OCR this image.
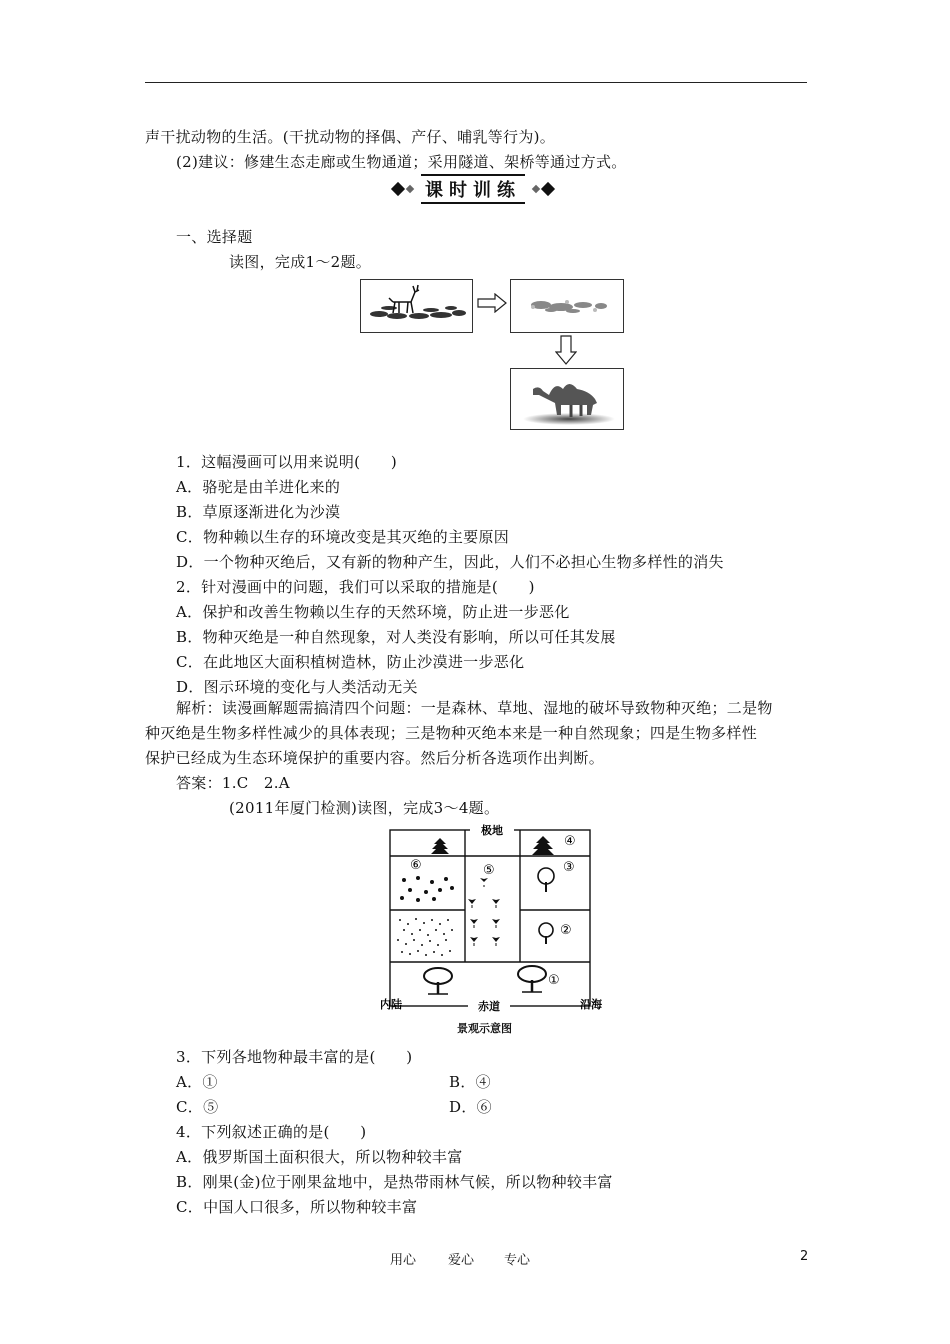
声干扰动物的生活。(干扰动物的择偶、产仔、哺乳等行为)。
(2)建议：修建生态走廊或生物通道；采用隧道、架桥等通过方式。
课时训练
一、选择题
读图，完成1～2题。
1．这幅漫画可以用来说明(　　)
A．骆驼是由羊进化来的
B．草原逐渐进化为沙漠
C．物种赖以生存的环境改变是其灭绝的主要原因
D．一个物种灭绝后，又有新的物种产生，因此，人们不必担心生物多样性的消失
2．针对漫画中的问题，我们可以采取的措施是(　　)
A．保护和改善生物赖以生存的天然环境，防止进一步恶化
B．物种灭绝是一种自然现象，对人类没有影响，所以可任其发展
C．在此地区大面积植树造林，防止沙漠进一步恶化
D．图示环境的变化与人类活动无关
解析：读漫画解题需搞清四个问题：一是森林、草地、湿地的破坏导致物种灭绝；二是物
种灭绝是生物多样性减少的具体表现；三是物种灭绝本来是一种自然现象；四是生物多样性
保护已经成为生态环境保护的重要内容。然后分析各选项作出判断。
答案：1.C　2.A
(2011年厦门检测)读图，完成3～4题。
极地
赤道
内陆	沿海
④
⑥	⑤	③
②
①
景观示意图
3．下列各地物种最丰富的是(　　)
A．①	B．④
C．⑤	D．⑥
4．下列叙述正确的是(　　)
A．俄罗斯国土面积很大，所以物种较丰富
B．刚果(金)位于刚果盆地中，是热带雨林气候，所以物种较丰富
C．中国人口很多，所以物种较丰富
用心 爱心 专心	2
